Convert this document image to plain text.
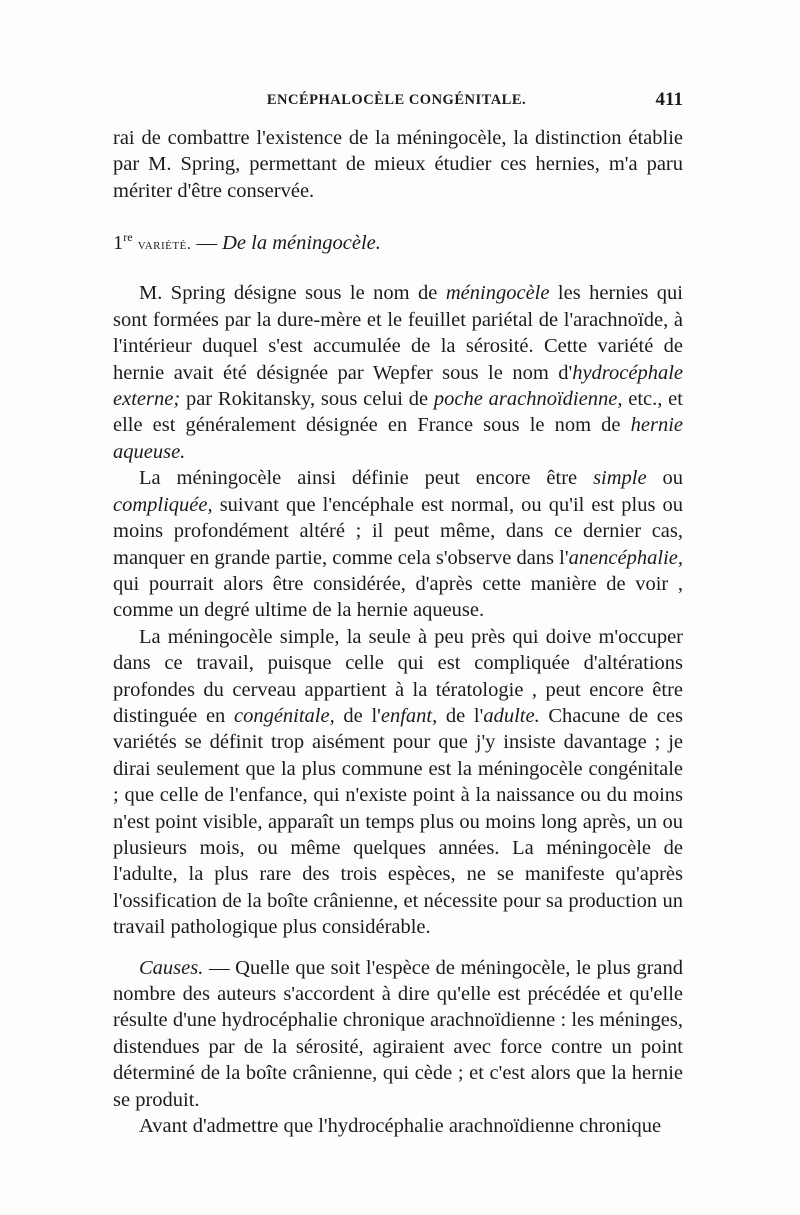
ENCÉPHALOCÈLE CONGÉNITALE.	411

rai de combattre l'existence de la méningocèle, la distinction établie par M. Spring, permettant de mieux étudier ces hernies, m'a paru mériter d'être conservée.

1re variété. — De la méningocèle.

M. Spring désigne sous le nom de méningocèle les hernies qui sont formées par la dure-mère et le feuillet pariétal de l'arachnoïde, à l'intérieur duquel s'est accumulée de la sérosité. Cette variété de hernie avait été désignée par Wepfer sous le nom d'hydrocéphale externe; par Rokitansky, sous celui de poche arachnoïdienne, etc., et elle est généralement désignée en France sous le nom de hernie aqueuse.

La méningocèle ainsi définie peut encore être simple ou compliquée, suivant que l'encéphale est normal, ou qu'il est plus ou moins profondément altéré ; il peut même, dans ce dernier cas, manquer en grande partie, comme cela s'observe dans l'anencéphalie, qui pourrait alors être considérée, d'après cette manière de voir , comme un degré ultime de la hernie aqueuse.

La méningocèle simple, la seule à peu près qui doive m'occuper dans ce travail, puisque celle qui est compliquée d'altérations profondes du cerveau appartient à la tératologie , peut encore être distinguée en congénitale, de l'enfant, de l'adulte. Chacune de ces variétés se définit trop aisément pour que j'y insiste davantage ; je dirai seulement que la plus commune est la méningocèle congénitale ; que celle de l'enfance, qui n'existe point à la naissance ou du moins n'est point visible, apparaît un temps plus ou moins long après, un ou plusieurs mois, ou même quelques années. La méningocèle de l'adulte, la plus rare des trois espèces, ne se manifeste qu'après l'ossification de la boîte crânienne, et nécessite pour sa production un travail pathologique plus considérable.

Causes. — Quelle que soit l'espèce de méningocèle, le plus grand nombre des auteurs s'accordent à dire qu'elle est précédée et qu'elle résulte d'une hydrocéphalie chronique arachnoïdienne : les méninges, distendues par de la sérosité, agiraient avec force contre un point déterminé de la boîte crânienne, qui cède ; et c'est alors que la hernie se produit.

Avant d'admettre que l'hydrocéphalie arachnoïdienne chronique
